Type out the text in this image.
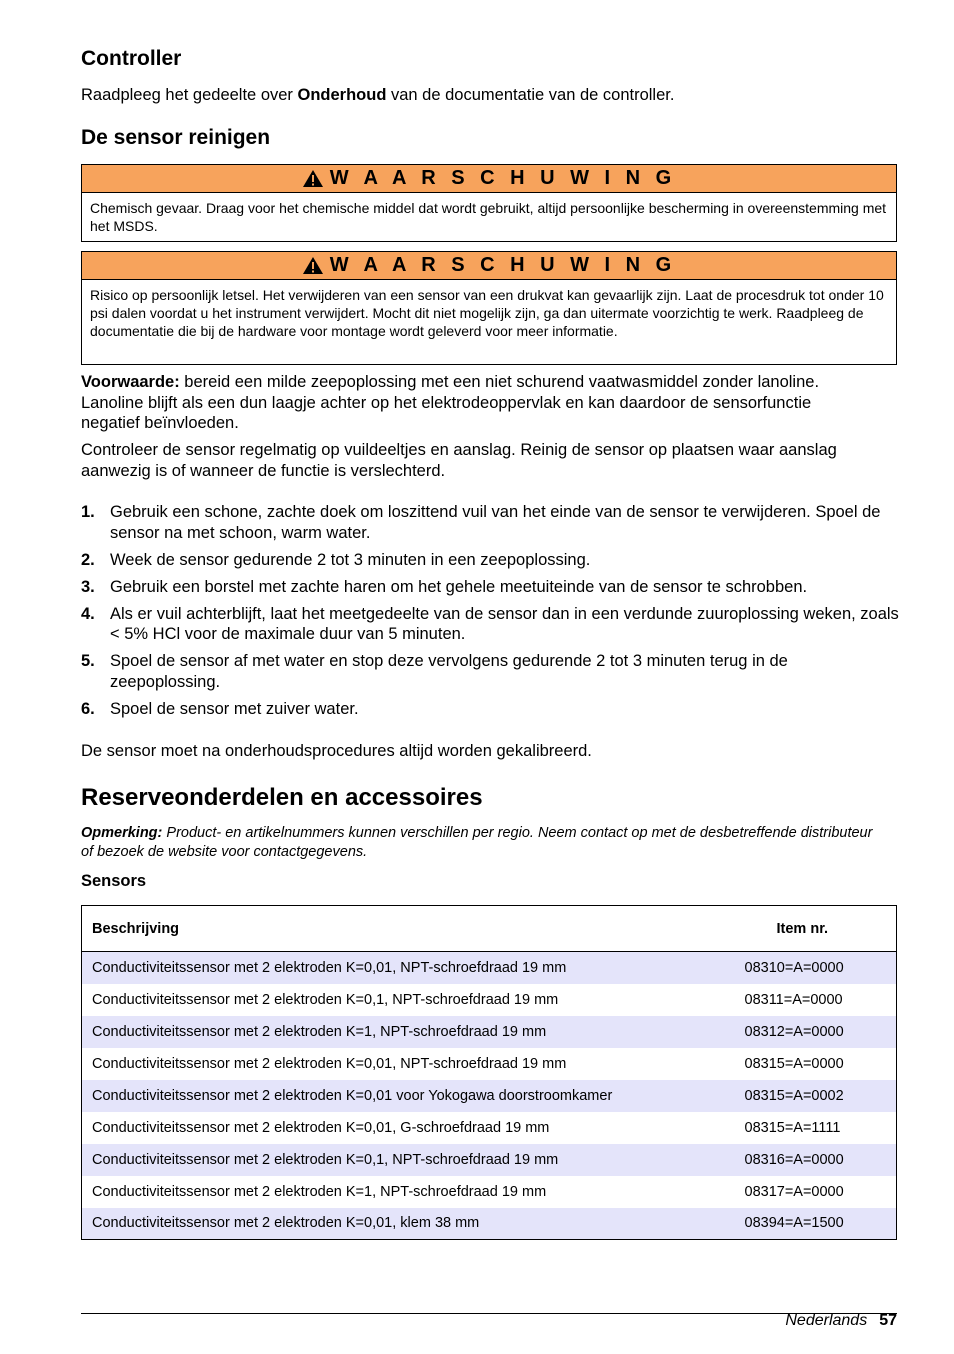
Controller

Raadpleeg het gedeelte over Onderhoud van de documentatie van de controller.

De sensor reinigen
W A A R S C H U W I N G
Chemisch gevaar. Draag voor het chemische middel dat wordt gebruikt, altijd persoonlijke bescherming in overeenstemming met het MSDS.
W A A R S C H U W I N G
Risico op persoonlijk letsel. Het verwijderen van een sensor van een drukvat kan gevaarlijk zijn. Laat de procesdruk tot onder 10 psi dalen voordat u het instrument verwijdert. Mocht dit niet mogelijk zijn, ga dan uitermate voorzichtig te werk. Raadpleeg de documentatie die bij de hardware voor montage wordt geleverd voor meer informatie.

Voorwaarde: bereid een milde zeepoplossing met een niet schurend vaatwasmiddel zonder lanoline. Lanoline blijft als een dun laagje achter op het elektrodeoppervlak en kan daardoor de sensorfunctie negatief beïnvloeden.

Controleer de sensor regelmatig op vuildeeltjes en aanslag. Reinig de sensor op plaatsen waar aanslag aanwezig is of wanneer de functie is verslechterd.

1. Gebruik een schone, zachte doek om loszittend vuil van het einde van de sensor te verwijderen. Spoel de sensor na met schoon, warm water.
2. Week de sensor gedurende 2 tot 3 minuten in een zeepoplossing.
3. Gebruik een borstel met zachte haren om het gehele meetuiteinde van de sensor te schrobben.
4. Als er vuil achterblijft, laat het meetgedeelte van de sensor dan in een verdunde zuuroplossing weken, zoals < 5% HCl voor de maximale duur van 5 minuten.
5. Spoel de sensor af met water en stop deze vervolgens gedurende 2 tot 3 minuten terug in de zeepoplossing.
6. Spoel de sensor met zuiver water.

De sensor moet na onderhoudsprocedures altijd worden gekalibreerd.

Reserveonderdelen en accessoires

Opmerking: Product- en artikelnummers kunnen verschillen per regio. Neem contact op met de desbetreffende distributeur of bezoek de website voor contactgegevens.

Sensors
Beschrijving	Item nr.
Conductiviteitssensor met 2 elektroden K=0,01, NPT-schroefdraad 19 mm	08310=A=0000
Conductiviteitssensor met 2 elektroden K=0,1, NPT-schroefdraad 19 mm	08311=A=0000
Conductiviteitssensor met 2 elektroden K=1, NPT-schroefdraad 19 mm	08312=A=0000
Conductiviteitssensor met 2 elektroden K=0,01, NPT-schroefdraad 19 mm	08315=A=0000
Conductiviteitssensor met 2 elektroden K=0,01 voor Yokogawa doorstroomkamer	08315=A=0002
Conductiviteitssensor met 2 elektroden K=0,01, G-schroefdraad 19 mm	08315=A=1111
Conductiviteitssensor met 2 elektroden K=0,1, NPT-schroefdraad 19 mm	08316=A=0000
Conductiviteitssensor met 2 elektroden K=1, NPT-schroefdraad 19 mm	08317=A=0000
Conductiviteitssensor met 2 elektroden K=0,01, klem 38 mm	08394=A=1500
Nederlands 57
